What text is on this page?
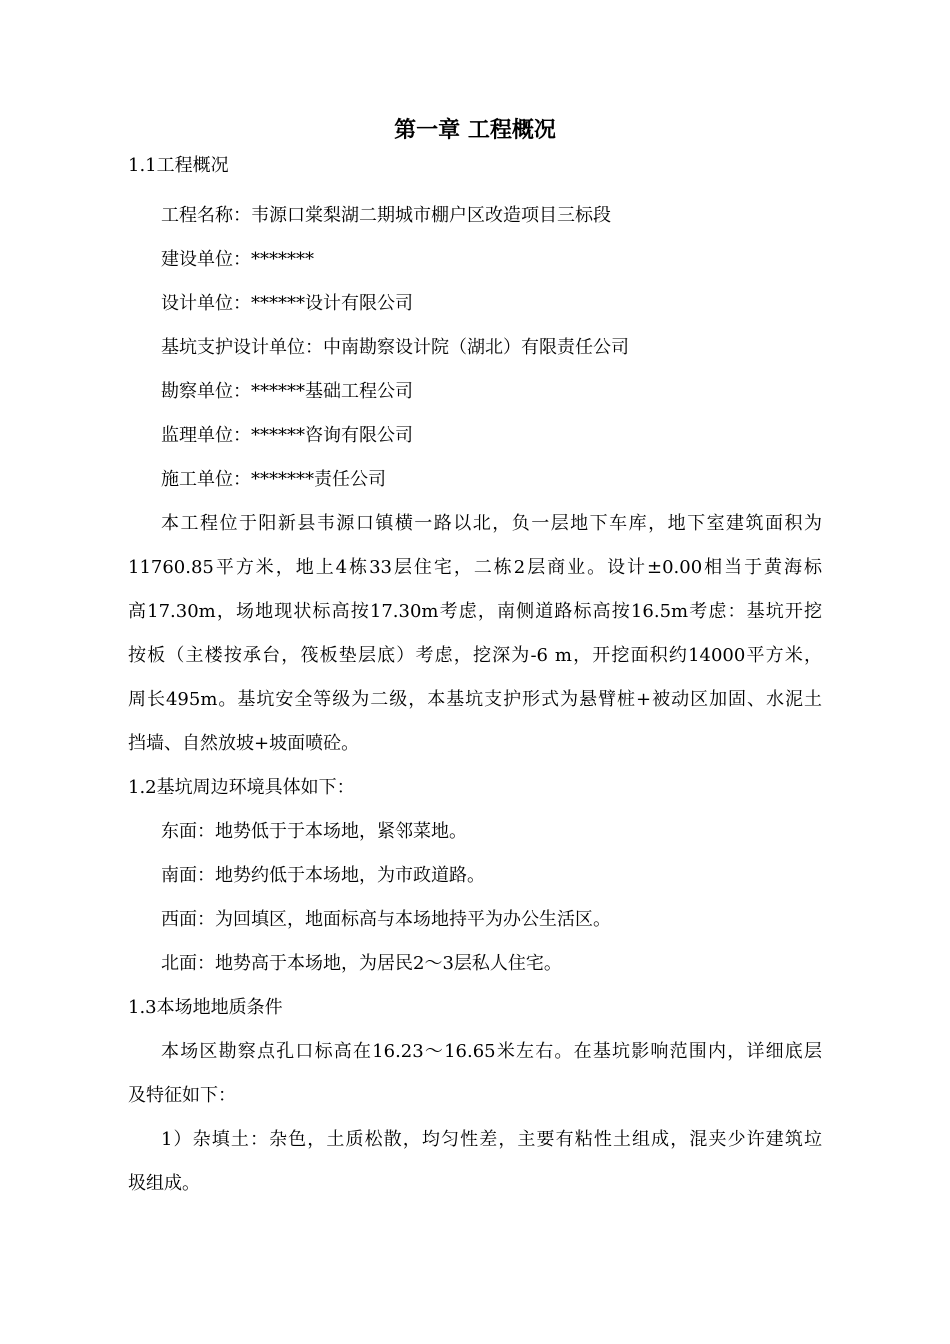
第一章 工程概况
1.1工程概况
工程名称：韦源口棠梨湖二期城市棚户区改造项目三标段
建设单位：*******
设计单位：******设计有限公司
基坑支护设计单位：中南勘察设计院（湖北）有限责任公司
勘察单位：******基础工程公司
监理单位：******咨询有限公司
施工单位：*******责任公司
本工程位于阳新县韦源口镇横一路以北，负一层地下车库，地下室建筑面积为
11760.85平方米，地上4栋33层住宅，二栋2层商业。设计±0.00相当于黄海标
高17.30m，场地现状标高按17.30m考虑，南侧道路标高按16.5m考虑：基坑开挖
按板（主楼按承台，筏板垫层底）考虑，挖深为-6 m，开挖面积约14000平方米，
周长495m。基坑安全等级为二级，本基坑支护形式为悬臂桩+被动区加固、水泥土
挡墙、自然放坡+坡面喷砼。
1.2基坑周边环境具体如下：
东面：地势低于于本场地，紧邻菜地。
南面：地势约低于本场地，为市政道路。
西面：为回填区，地面标高与本场地持平为办公生活区。
北面：地势高于本场地，为居民2～3层私人住宅。
1.3本场地地质条件
本场区勘察点孔口标高在16.23～16.65米左右。在基坑影响范围内，详细底层
及特征如下：
1）杂填土：杂色，土质松散，均匀性差，主要有粘性土组成，混夹少许建筑垃
圾组成。
